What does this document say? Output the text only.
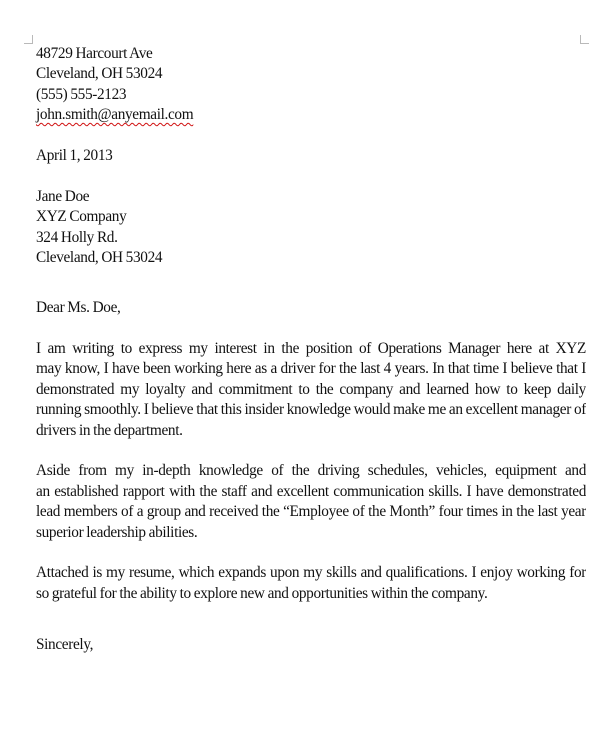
48729 Harcourt Ave
Cleveland, OH 53024
(555) 555-2123
john.smith@anyemail.com
April 1, 2013
Jane Doe
XYZ Company
324 Holly Rd.
Cleveland, OH 53024
Dear Ms. Doe,
I am writing to express my interest in the position of Operations Manager here at XYZ
may know, I have been working here as a driver for the last 4 years. In that time I believe that I
demonstrated my loyalty and commitment to the company and learned how to keep daily
running smoothly. I believe that this insider knowledge would make me an excellent manager of
drivers in the department.
Aside from my in-depth knowledge of the driving schedules, vehicles, equipment and
an established rapport with the staff and excellent communication skills. I have demonstrated
lead members of a group and received the “Employee of the Month” four times in the last year
superior leadership abilities.
Attached is my resume, which expands upon my skills and qualifications. I enjoy working for
so grateful for the ability to explore new and opportunities within the company.
Sincerely,
